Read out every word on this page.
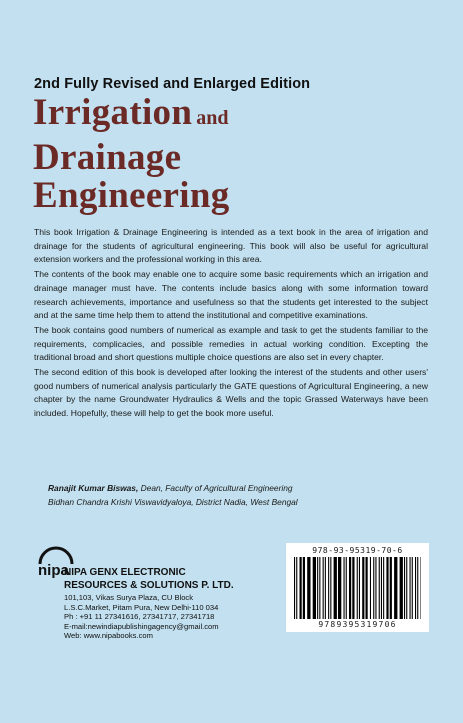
2nd Fully Revised and Enlarged Edition
Irrigation and
Drainage
Engineering

This book Irrigation & Drainage Engineering is intended as a text book in the area of irrigation and drainage for the students of agricultural engineering. This book will also be useful for agricultural extension workers and the professional working in this area.

The contents of the book may enable one to acquire some basic requirements which an irrigation and drainage manager must have. The contents include basics along with some information toward research achievements, importance and usefulness so that the students get interested to the subject and at the same time help them to attend the institutional and competitive examinations.

The book contains good numbers of numerical as example and task to get the students familiar to the requirements, complicacies, and possible remedies in actual working condition. Excepting the traditional broad and short questions multiple choice questions are also set in every chapter.

The second edition of this book is developed after looking the interest of the students and other users' good numbers of numerical analysis particularly the GATE questions of Agricultural Engineering, a new chapter by the name Groundwater Hydraulics & Wells and the topic Grassed Waterways have been included. Hopefully, these will help to get the book more useful.

Ranajit Kumar Biswas, Dean, Faculty of Agricultural Engineering
Bidhan Chandra Krishi Viswavidyaloya, District Nadia, West Bengal
nipa
NIPA GENX ELECTRONIC
RESOURCES & SOLUTIONS P. LTD.
101,103, Vikas Surya Plaza, CU Block
L.S.C.Market, Pitam Pura, New Delhi-110 034
Ph : +91 11 27341616, 27341717, 27341718
E-mail:newindiapublishingagency@gmail.com
Web: www.nipabooks.com
978-93-95319-70-6
9789395319706
